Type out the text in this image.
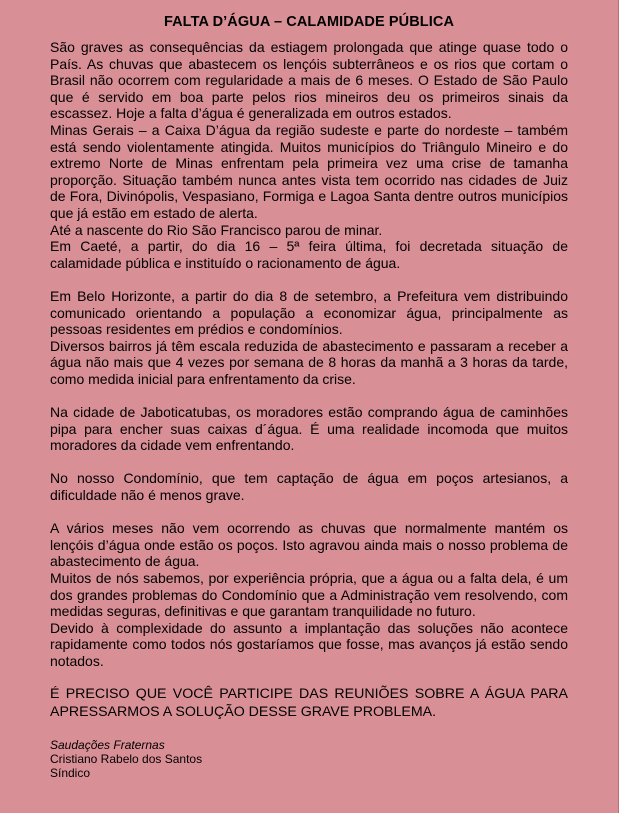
FALTA D’ÁGUA – CALAMIDADE PÚBLICA

São graves as consequências da estiagem prolongada que atinge quase todo o País. As chuvas que abastecem os lençóis subterrâneos e os rios que cortam o Brasil não ocorrem com regularidade a mais de 6 meses. O Estado de São Paulo que é servido em boa parte pelos rios mineiros deu os primeiros sinais da escassez. Hoje a falta d’água é generalizada em outros estados.

Minas Gerais – a Caixa D’água da região sudeste e parte do nordeste – também está sendo violentamente atingida. Muitos municípios do Triângulo Mineiro e do extremo Norte de Minas enfrentam pela primeira vez uma crise de tamanha proporção. Situação também nunca antes vista tem ocorrido nas cidades de Juiz de Fora, Divinópolis, Vespasiano, Formiga e Lagoa Santa dentre outros municípios que já estão em estado de alerta.

Até a nascente do Rio São Francisco parou de minar.

Em Caeté, a partir, do dia 16 – 5ª feira última, foi decretada situação de calamidade pública e instituído o racionamento de água.

Em Belo Horizonte, a partir do dia 8 de setembro, a Prefeitura vem distribuindo comunicado orientando a população a economizar água, principalmente as pessoas residentes em prédios e condomínios.

Diversos bairros já têm escala reduzida de abastecimento e passaram a receber a água não mais que 4 vezes por semana de 8 horas da manhã a 3 horas da tarde, como medida inicial para enfrentamento da crise.

Na cidade de Jaboticatubas, os moradores estão comprando água de caminhões pipa para encher suas caixas d´água. É uma realidade incomoda que muitos moradores da cidade vem enfrentando.

No nosso Condomínio, que tem captação de água em poços artesianos, a dificuldade não é menos grave.

A vários meses não vem ocorrendo as chuvas que normalmente mantém os lençóis d’água onde estão os poços. Isto agravou ainda mais o nosso problema de abastecimento de água.

Muitos de nós sabemos, por experiência própria, que a água ou a falta dela, é um dos grandes problemas do Condomínio que a Administração vem resolvendo, com medidas seguras, definitivas e que garantam tranquilidade no futuro.

Devido à complexidade do assunto a implantação das soluções não acontece rapidamente como todos nós gostaríamos que fosse, mas avanços já estão sendo notados.

É PRECISO QUE VOCÊ PARTICIPE DAS REUNIÕES SOBRE A ÁGUA PARA APRESSARMOS A SOLUÇÃO DESSE GRAVE PROBLEMA.

Saudações Fraternas

Cristiano Rabelo dos Santos

Síndico
